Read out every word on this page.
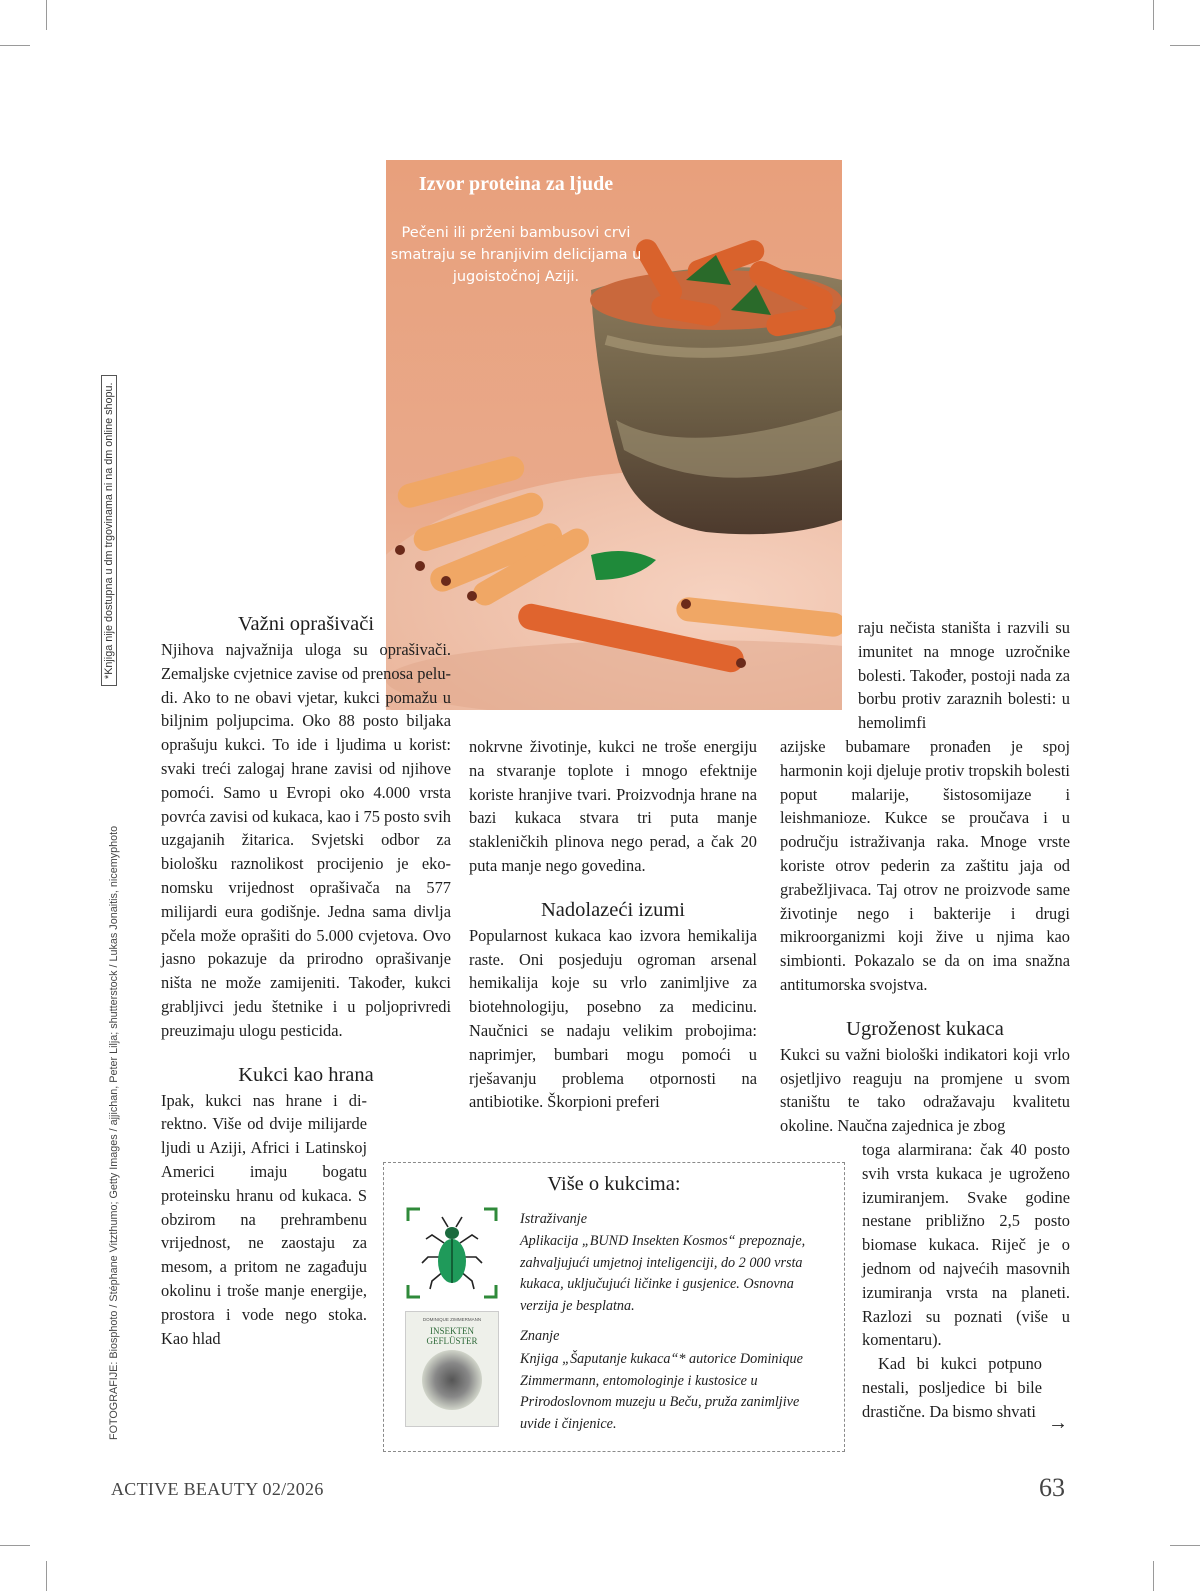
Izvor proteina za ljude
Pečeni ili prženi bambusovi crvi smatraju se hranjivim delicijama u jugoistočnoj Aziji.
FOTOGRAFIJE: Biosphoto / Stéphane Vitzthumo; Getty Images / ajjichan, Peter Lilja; shutterstock / Lukas Jonaitis, nicemyphoto
*Knjiga nije dostupna u dm trgovinama ni na dm online shopu.	Važni oprašivači

Njihova najvažnija uloga su oprašivači. Zemaljske cvjetnice zavise od prenosa peludi. Ako to ne obavi vjetar, kukci pomažu u biljnim poljupcima. Oko 88 posto biljaka oprašuju kukci. To ide i ljudima u korist: svaki treći zalogaj hrane zavisi od njihove pomoći. Samo u Evropi oko 4.000 vrsta povrća zavisi od kukaca, kao i 75 posto svih uzgajanih žitarica. Svjetski odbor za biološku raznolikost procijenio je ekonomsku vrijednost oprašivača na 577 milijardi eura godišnje. Jedna sama divlja pčela može oprašiti do 5.000 cvjetova. Ovo jasno pokazuje da prirodno oprašivanje ništa ne može zamijeniti. Također, kukci grabljivci jedu štetnike i u poljoprivredi preuzimaju ulogu pesticida.

Kukci kao hrana

Ipak, kukci nas hrane i direktno. Više od dvije milijarde ljudi u Aziji, Africi i Latinskoj Americi imaju bogatu proteinsku hranu od kukaca. S obzirom na prehrambenu vrijednost, ne zaostaju za mesom, a pritom ne zagađuju okolinu i troše manje energije, prostora i vode nego stoka. Kao hlad

nokrvne životinje, kukci ne troše energiju na stvaranje toplote i mnogo efektnije koriste hranjive tvari. Proizvodnja hrane na bazi kukaca stvara tri puta manje stakleničkih plinova nego perad, a čak 20 puta manje nego govedina.

Nadolazeći izumi

Popularnost kukaca kao izvora hemikalija raste. Oni posjeduju ogroman arsenal hemikalija koje su vrlo zanimljive za biotehnologiju, posebno za medicinu. Naučnici se nadaju velikim probojima: naprimjer, bumbari mogu pomoći u rješavanju problema otpornosti na antibiotike. Škorpioni preferi

raju nečista staništa i razvili su imunitet na mnoge uzročnike bolesti. Također, postoji nada za borbu protiv zaraznih bolesti: u hemolimfi

azijske bubamare pronađen je spoj harmonin koji djeluje protiv tropskih bolesti poput malarije, šistosomijaze i leishmanioze. Kukce se proučava i u području istraživanja raka. Mnoge vrste koriste otrov pederin za zaštitu jaja od grabežljivaca. Taj otrov ne proizvode same životinje nego i bakterije i drugi mikroorganizmi koji žive u njima kao simbionti. Pokazalo se da on ima snažna antitumorska svojstva.

Ugroženost kukaca

Kukci su važni biološki indikatori koji vrlo osjetljivo reaguju na promjene u svom staništu te tako odražavaju kvalitetu okoline. Naučna zajednica je zbog

toga alarmirana: čak 40 posto svih vrsta kukaca je ugroženo izumiranjem. Svake godine nestane približno 2,5 posto biomase kukaca. Riječ je o jednom od najvećih masovnih izumiranja vrsta na planeti. Razlozi su poznati (više u komentaru).

Kad bi kukci potpuno nestali, posljedice bi bile drastične. Da bismo shvati

→
Više o kukcima:
DOMINIQUE ZIMMERMANN
INSEKTEN GEFLÜSTER
Istraživanje
Aplikacija „BUND Insekten Kosmos“ prepoznaje, zahvaljujući umjetnoj inteligenciji, do 2 000 vrsta kukaca, uključujući ličinke i gusjenice. Osnovna verzija je besplatna.
Znanje
Knjiga „Šaputanje kukaca“* autorice Dominique Zimmermann, entomologinje i kustosice u Prirodoslovnom muzeju u Beču, pruža zanimljive uvide i činjenice.
ACTIVE BEAUTY 02/2026	63
